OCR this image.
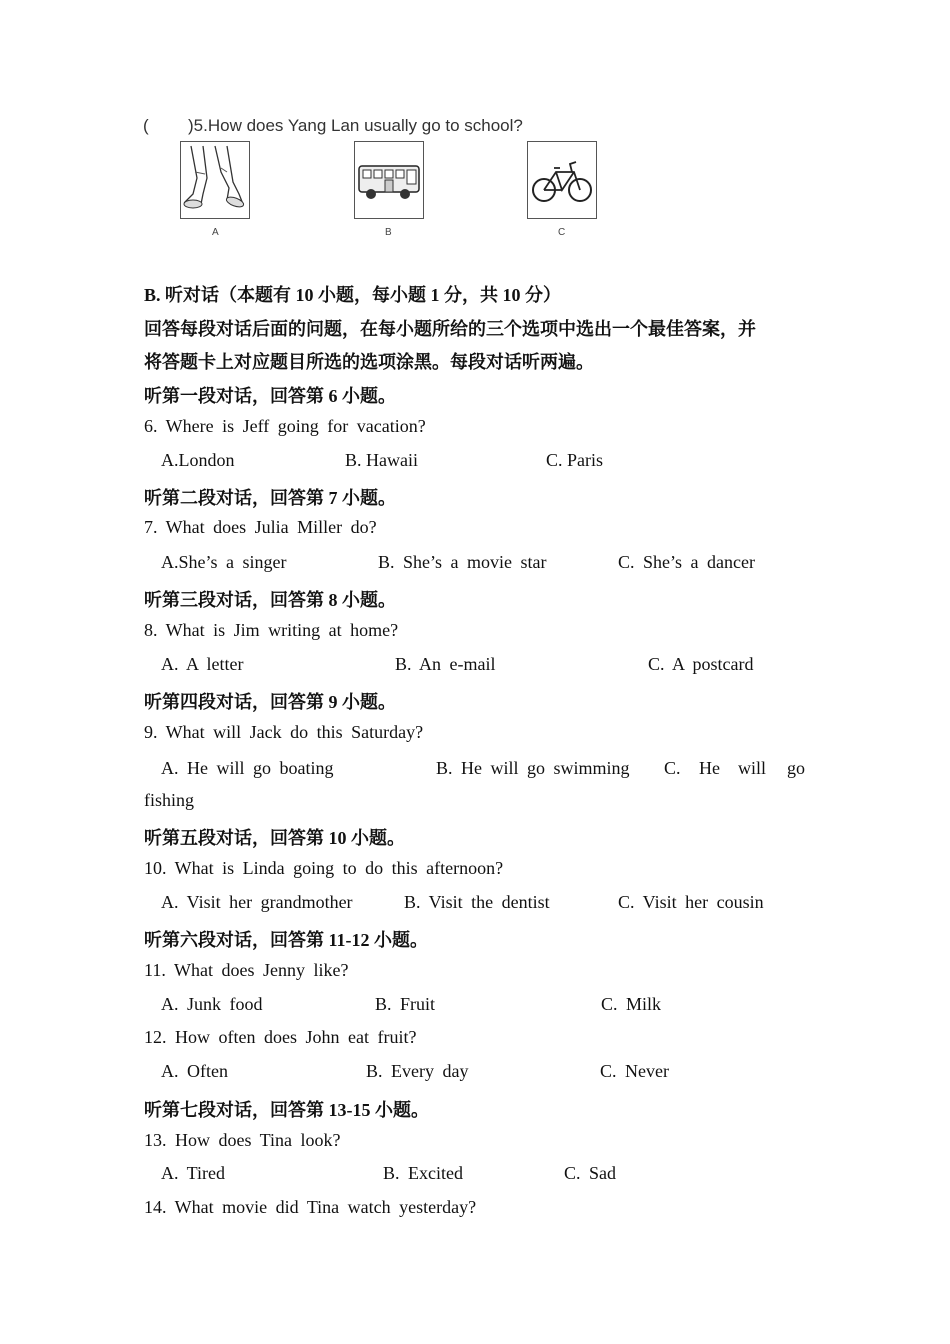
( )5.How does Yang Lan usually go to school?
A	B	C
B. 听对话（本题有 10 小题，每小题 1 分，共 10 分）
回答每段对话后面的问题，在每小题所给的三个选项中选出一个最佳答案，并
将答题卡上对应题目所选的选项涂黑。每段对话听两遍。
听第一段对话，回答第 6 小题。
6. Where is Jeff going for vacation?
A.London	B. Hawaii	C. Paris
听第二段对话，回答第 7 小题。
7. What does Julia Miller do?
A.She’s a singer	B. She’s a movie star	C. She’s a dancer
听第三段对话，回答第 8 小题。
8. What is Jim writing at home?
A. A letter	B. An e-mail	C. A postcard
听第四段对话，回答第 9 小题。
9. What will Jack do this Saturday?
A. He will go boating	B. He will go swimming C. He will go
fishing
听第五段对话，回答第 10 小题。
10. What is Linda going to do this afternoon?
A. Visit her grandmother	B. Visit the dentist	C. Visit her cousin
听第六段对话，回答第 11-12 小题。
11. What does Jenny like?
A. Junk food	B. Fruit	C. Milk
12. How often does John eat fruit?
A. Often	B. Every day	C. Never
听第七段对话，回答第 13-15 小题。
13. How does Tina look?
A. Tired	B. Excited	C. Sad
14. What movie did Tina watch yesterday?
